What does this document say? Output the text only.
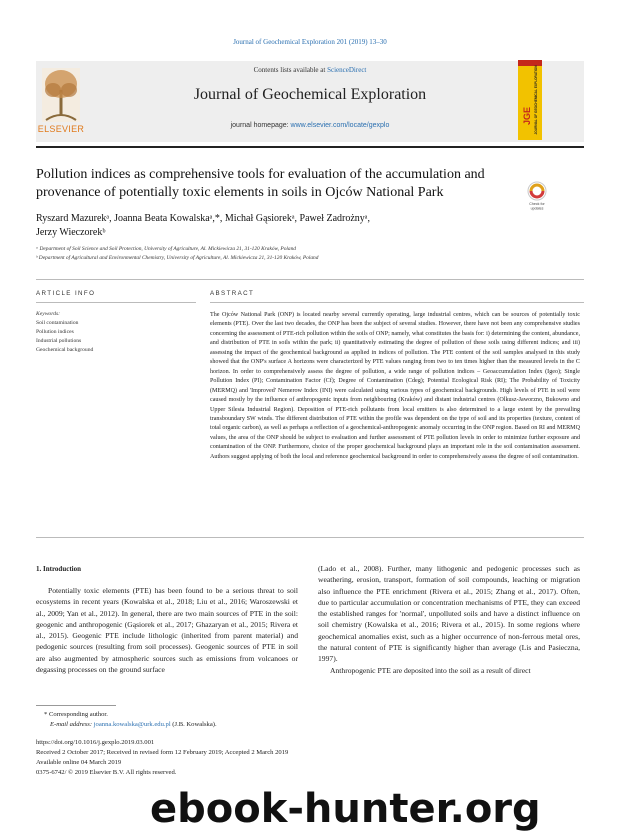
Journal of Geochemical Exploration 201 (2019) 13–30
ELSEVIER
Contents lists available at ScienceDirect
Journal of Geochemical Exploration
journal homepage: www.elsevier.com/locate/gexplo
JGE JOURNAL OF GEOCHEMICAL EXPLORATION
Pollution indices as comprehensive tools for evaluation of the accumulation and provenance of potentially toxic elements in soils in Ojców National Park
Check for
updates
Ryszard Mazurekᵃ, Joanna Beata Kowalskaᵃ,*, Michał Gąsiorekᵃ, Paweł Zadrożnyᵃ,
Jerzy Wieczorekᵇ
ᵃ Department of Soil Science and Soil Protection, University of Agriculture, Al. Mickiewicza 21, 31-120 Kraków, Poland
ᵇ Department of Agricultural and Environmental Chemistry, University of Agriculture, Al. Mickiewicza 21, 31-120 Kraków, Poland
ARTICLE INFO
Keywords:
Soil contamination
Pollution indices
Industrial pollutions
Geochemical background
ABSTRACT
The Ojców National Park (ONP) is located nearby several currently operating, large industrial centres, which can be sources of potentially toxic elements (PTE). Over the last two decades, the ONP has been the subject of several studies. However, there have not been any comprehensive studies concerning the assessment of PTE-rich pollution within the soils of ONP; namely, what constitutes the basis for: i) determining the content, abundance, and distribution of PTE in soils within the park; ii) quantitatively estimating the degree of pollution of these soils using different indices; and iii) assessing the impact of the geochemical background as applied in indices of pollution. The PTE content of the soil samples analysed in this study showed that the ONP's surface A horizons were characterized by PTE values ranging from two to ten times higher than the measured levels in the C horizon. In order to comprehensively assess the degree of pollution, a wide range of pollution indices – Geoaccumulation Index (Igeo); Single Pollution Index (PI); Contamination Factor (Cf); Degree of Contamination (Cdeg); Potential Ecological Risk (RI); The Probability of Toxicity (MERMQ) and 'Improved' Nemerow Index (INI) were calculated using various types of geochemical backgrounds. High levels of PTE in soil were caused mostly by the influence of anthropogenic inputs from neighbouring (Kraków) and distant industrial centres (Olkusz-Jaworzno, Bukowno and Upper Silesia Industrial Region). Deposition of PTE-rich pollutants from local emitters is also determined to a large extent by the prevailing transboundary SW winds. The different distribution of PTE within the profile was dependent on the type of soil and its properties (texture, content of total organic carbon), as well as perhaps a reflection of a geochemical-anthropogenic anomaly occurring in the ONP region. Based on RI and MERMQ values, the area of the ONP should be subject to evaluation and further assessment of PTE pollution levels in order to minimize further exposure and contamination of the ONP. Furthermore, choice of the proper geochemical background plays an important role in the soil contamination assessment. Authors suggest applying of both the local and reference geochemical background in order to comprehensively assess the degree of soil contamination.
1. Introduction
Potentially toxic elements (PTE) has been found to be a serious threat to soil ecosystems in recent years (Kowalska et al., 2018; Liu et al., 2016; Waroszewski et al., 2009; Yan et al., 2012). In general, there are two main sources of PTE in the soil: geogenic and anthropogenic (Gąsiorek et al., 2017; Ghazaryan et al., 2015; Rivera et al., 2015). Geogenic PTE include lithologic (inherited from parent material) and pedogenic sources (resulting from soil processes). Geogenic sources of PTE in soil are also augmented by atmospheric sources such as emissions from volcanoes or degassing processes on the ground surface

(Lado et al., 2008). Further, many lithogenic and pedogenic processes such as weathering, erosion, transport, formation of soil compounds, leaching or migration also influence the PTE enrichment (Rivera et al., 2015; Zhang et al., 2017). Often, due to particular accumulation or concentration mechanisms of PTE, they can exceed the established ranges for 'normal', unpolluted soils and have a distinct influence on soil chemistry (Kowalska et al., 2016; Rivera et al., 2015). In some regions where geochemical anomalies exist, such as a higher occurrence of non-ferrous metal ores, the natural content of PTE is significantly higher than average (Lis and Pasieczna, 1997).

Anthropogenic PTE are deposited into the soil as a result of direct

* Corresponding author.
E-mail address: joanna.kowalska@urk.edu.pl (J.B. Kowalska).
https://doi.org/10.1016/j.gexplo.2019.03.001
Received 2 October 2017; Received in revised form 12 February 2019; Accepted 2 March 2019
Available online 04 March 2019
0375-6742/ © 2019 Elsevier B.V. All rights reserved.
ebook-hunter.org
